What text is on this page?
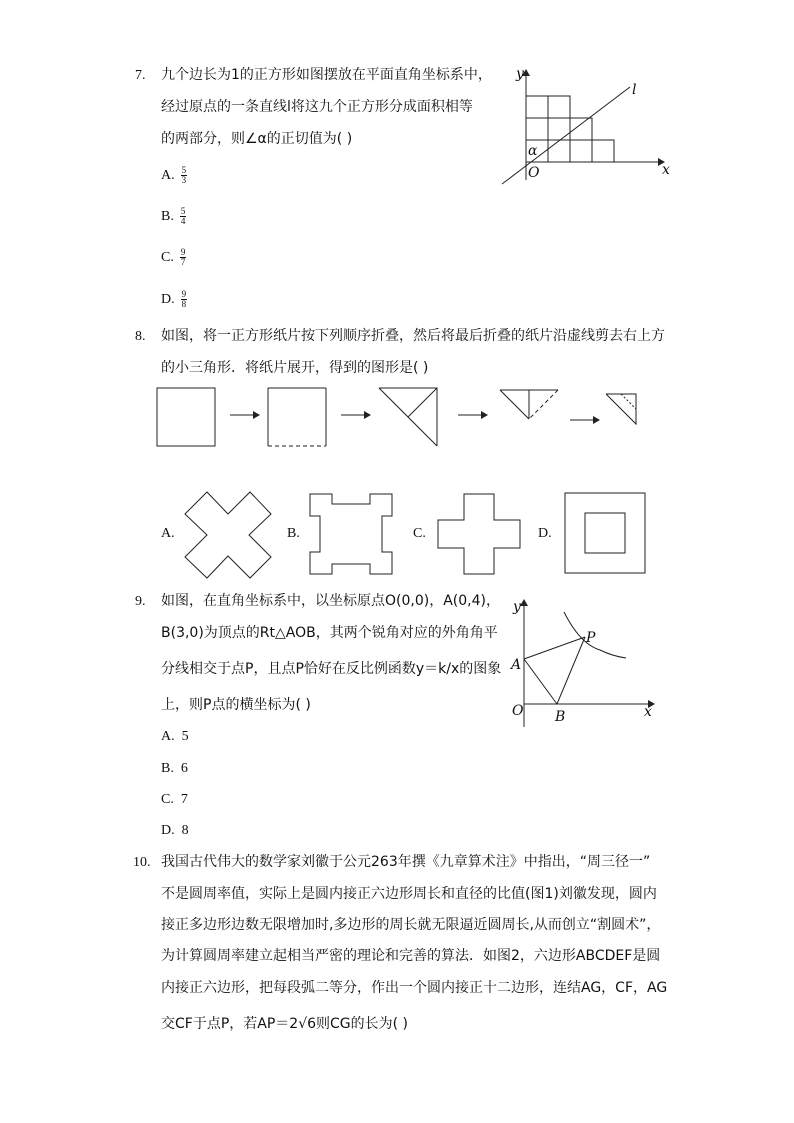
7. 九个边长为1的正方形如图摆放在平面直角坐标系中，
经过原点的一条直线l将这九个正方形分成面积相等
的两部分，则∠α的正切值为( )
A. $\frac{5}{3}$
B. $\frac{5}{4}$
C. $\frac{9}{7}$
D. $\frac{9}{8}$
y
x
l
α
O
8. 如图，将一正方形纸片按下列顺序折叠，然后将最后折叠的纸片沿虚线剪去右上方
的小三角形．将纸片展开，得到的图形是( )
A.	B.	C.	D.
9. 如图，在直角坐标系中，以坐标原点O(0,0)，A(0,4)，
B(3,0)为顶点的Rt△AOB，其两个锐角对应的外角角平
分线相交于点P，且点P恰好在反比例函数y＝k/x的图象
上，则P点的横坐标为( )
A. 5
B. 6
C. 7
D. 8
y
x
A
B
O
P
10. 我国古代伟大的数学家刘徽于公元263年撰《九章算术注》中指出，“周三径一”
不是圆周率值，实际上是圆内接正六边形周长和直径的比值(图1)刘徽发现，圆内
接正多边形边数无限增加时,多边形的周长就无限逼近圆周长,从而创立“割圆术”，
为计算圆周率建立起相当严密的理论和完善的算法．如图2，六边形ABCDEF是圆
内接正六边形，把每段弧二等分，作出一个圆内接正十二边形，连结AG，CF，AG
交CF于点P，若AP＝2√6则CG的长为( )
